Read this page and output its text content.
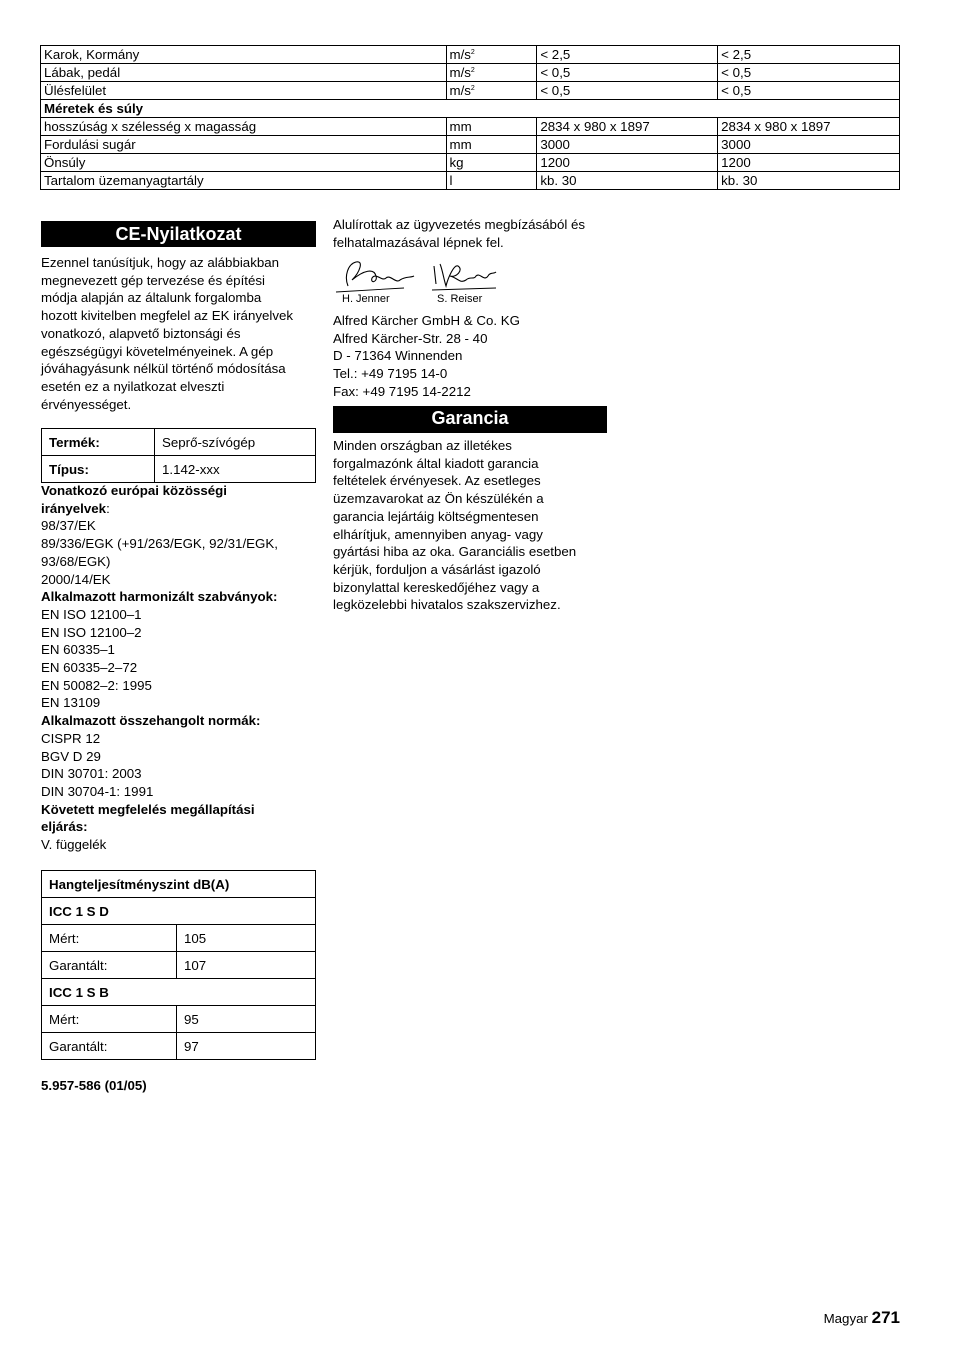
Karok, Kormány	$m/s^2$	< 2,5	< 2,5
Lábak, pedál	$m/s^2$	< 0,5	< 0,5
Ülésfelület	$m/s^2$	< 0,5	< 0,5
Méretek és súly			
hosszúság x szélesség x magasság	mm	2834 x 980 x 1897	2834 x 980 x 1897
Fordulási sugár	mm	3000	3000
Önsúly	kg	1200	1200
Tartalom üzemanyagtartály	l	kb. 30	kb. 30
CE-Nyilatkozat
Ezennel tanúsítjuk, hogy az alábbiakban
megnevezett gép tervezése és építési
módja alapján az általunk forgalomba
hozott kivitelben megfelel az EK irányelvek
vonatkozó, alapvető biztonsági és
egészségügyi követelményeinek. A gép
jóváhagyásunk nélkül történő módosítása
esetén ez a nyilatkozat elveszti
érvényességet.
Termék:	Seprő-szívógép
Típus:	1.142-xxx
Vonatkozó európai közösségi
irányelvek:
98/37/EK
89/336/EGK (+91/263/EGK, 92/31/EGK,
93/68/EGK)
2000/14/EK
Alkalmazott harmonizált szabványok:
EN ISO 12100–1
EN ISO 12100–2
EN 60335–1
EN 60335–2–72
EN 50082–2: 1995
EN 13109
Alkalmazott összehangolt normák:
CISPR 12
BGV D 29
DIN 30701: 2003
DIN 30704-1: 1991
Követett megfelelés megállapítási
eljárás:
V. függelék
Hangteljesítményszint dB(A)	
ICC 1 S D	
Mért:	105
Garantált:	107
ICC 1 S B	
Mért:	95
Garantált:	97
5.957-586 (01/05)
Alulírottak az ügyvezetés megbízásából és
felhatalmazásával lépnek fel.
H. Jenner	S. Reiser
Alfred Kärcher GmbH & Co. KG
Alfred Kärcher-Str. 28 - 40
D - 71364 Winnenden
Tel.: +49 7195 14-0
Fax: +49 7195 14-2212
Garancia
Minden országban az illetékes
forgalmazónk által kiadott garancia
feltételek érvényesek. Az esetleges
üzemzavarokat az Ön készülékén a
garancia lejártáig költségmentesen
elhárítjuk, amennyiben anyag- vagy
gyártási hiba az oka. Garanciális esetben
kérjük, forduljon a vásárlást igazoló
bizonylattal kereskedőjéhez vagy a
legközelebbi hivatalos szakszervizhez.
Magyar 271
